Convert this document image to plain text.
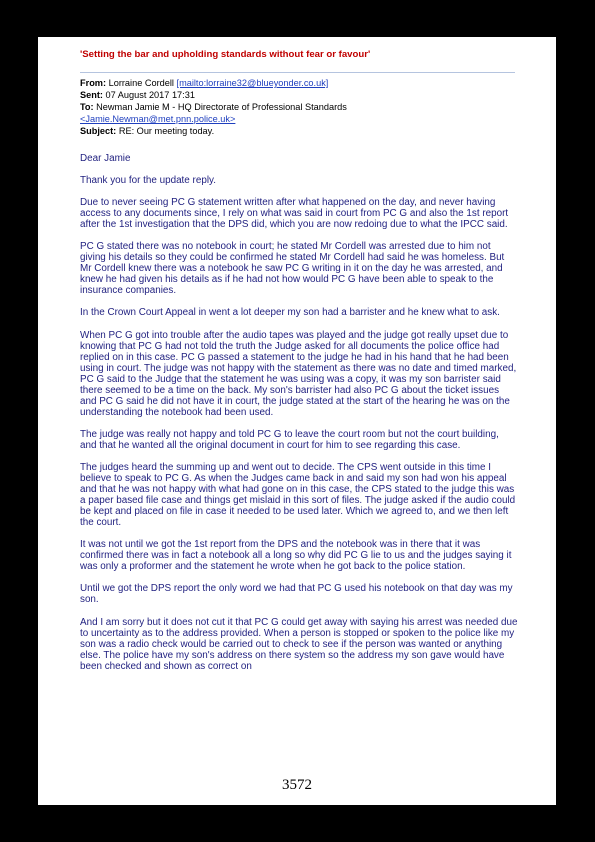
'Setting the bar and upholding standards without fear or favour'
From: Lorraine Cordell [mailto:lorraine32@blueyonder.co.uk]
Sent: 07 August 2017 17:31
To: Newman Jamie M - HQ Directorate of Professional Standards
<Jamie.Newman@met.pnn.police.uk>
Subject: RE: Our meeting today.

Dear Jamie

Thank you for the update reply.

Due to never seeing PC G statement written after what happened on the day, and never having access to any documents since, I rely on what was said in court from PC G and also the 1st report after the 1st investigation that the DPS did, which you are now redoing due to what the IPCC said.

PC G stated there was no notebook in court; he stated Mr Cordell was arrested due to him not giving his details so they could be confirmed he stated Mr Cordell had said he was homeless. But Mr Cordell knew there was a notebook he saw PC G writing in it on the day he was arrested, and knew he had given his details as if he had not how would PC G have been able to speak to the insurance companies.

In the Crown Court Appeal in went a lot deeper my son had a barrister and he knew what to ask.

When PC G got into trouble after the audio tapes was played and the judge got really upset due to knowing that PC G had not told the truth the Judge asked for all documents the police office had replied on in this case. PC G passed a statement to the judge he had in his hand that he had been using in court. The judge was not happy with the statement as there was no date and timed marked, PC G said to the Judge that the statement he was using was a copy, it was my son barrister said there seemed to be a time on the back. My son's barrister had also PC G about the ticket issues and PC G said he did not have it in court, the judge stated at the start of the hearing he was on the understanding the notebook had been used.

The judge was really not happy and told PC G to leave the court room but not the court building, and that he wanted all the original document in court for him to see regarding this case.

The judges heard the summing up and went out to decide. The CPS went outside in this time I believe to speak to PC G. As when the Judges came back in and said my son had won his appeal and that he was not happy with what had gone on in this case, the CPS stated to the judge this was a paper based file case and things get mislaid in this sort of files. The judge asked if the audio could be kept and placed on file in case it needed to be used later. Which we agreed to, and we then left the court.

It was not until we got the 1st report from the DPS and the notebook was in there that it was confirmed there was in fact a notebook all a long so why did PC G lie to us and the judges saying it was only a proformer and the statement he wrote when he got back to the police station.

Until we got the DPS report the only word we had that PC G used his notebook on that day was my son.

And I am sorry but it does not cut it that PC G could get away with saying his arrest was needed due to uncertainty as to the address provided. When a person is stopped or spoken to the police like my son was a radio check would be carried out to check to see if the person was wanted or anything else. The police have my son's address on there system so the address my son gave would have been checked and shown as correct on

3572
